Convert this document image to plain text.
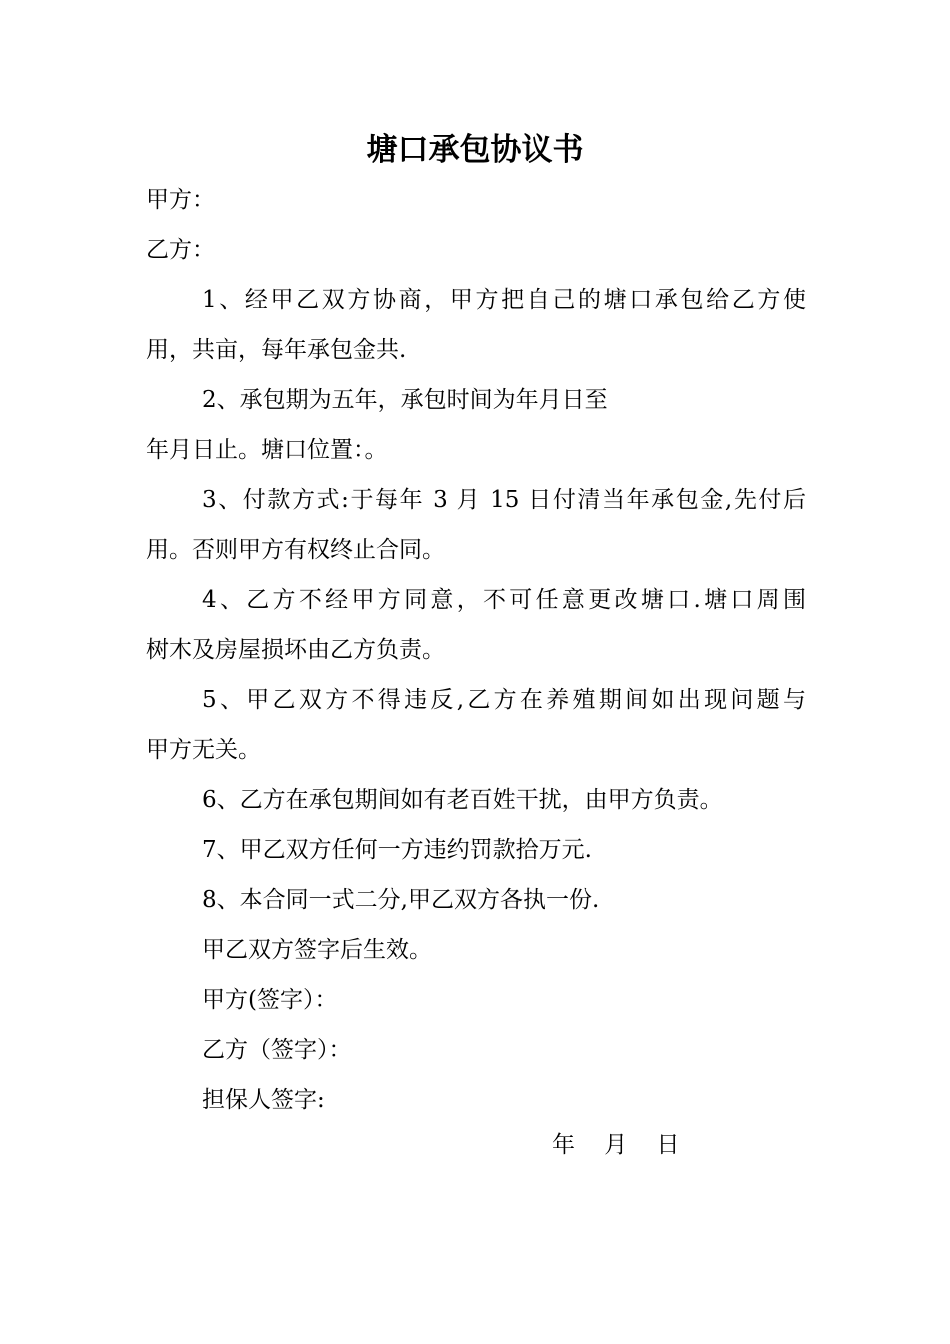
塘口承包协议书
甲方：
乙方：
1、经甲乙双方协商，甲方把自己的塘口承包给乙方使
用，共亩，每年承包金共.
2、承包期为五年，承包时间为年月日至
年月日止。塘口位置：。
3、付款方式:于每年 3 月 15 日付清当年承包金,先付后
用。否则甲方有权终止合同。
4、乙方不经甲方同意，不可任意更改塘口.塘口周围
树木及房屋损坏由乙方负责。
5、甲乙双方不得违反,乙方在养殖期间如出现问题与
甲方无关。
6、乙方在承包期间如有老百姓干扰，由甲方负责。
7、甲乙双方任何一方违约罚款拾万元.
8、本合同一式二分,甲乙双方各执一份.
甲乙双方签字后生效。
甲方(签字）：
乙方（签字）：
担保人签字:
年    月    日
